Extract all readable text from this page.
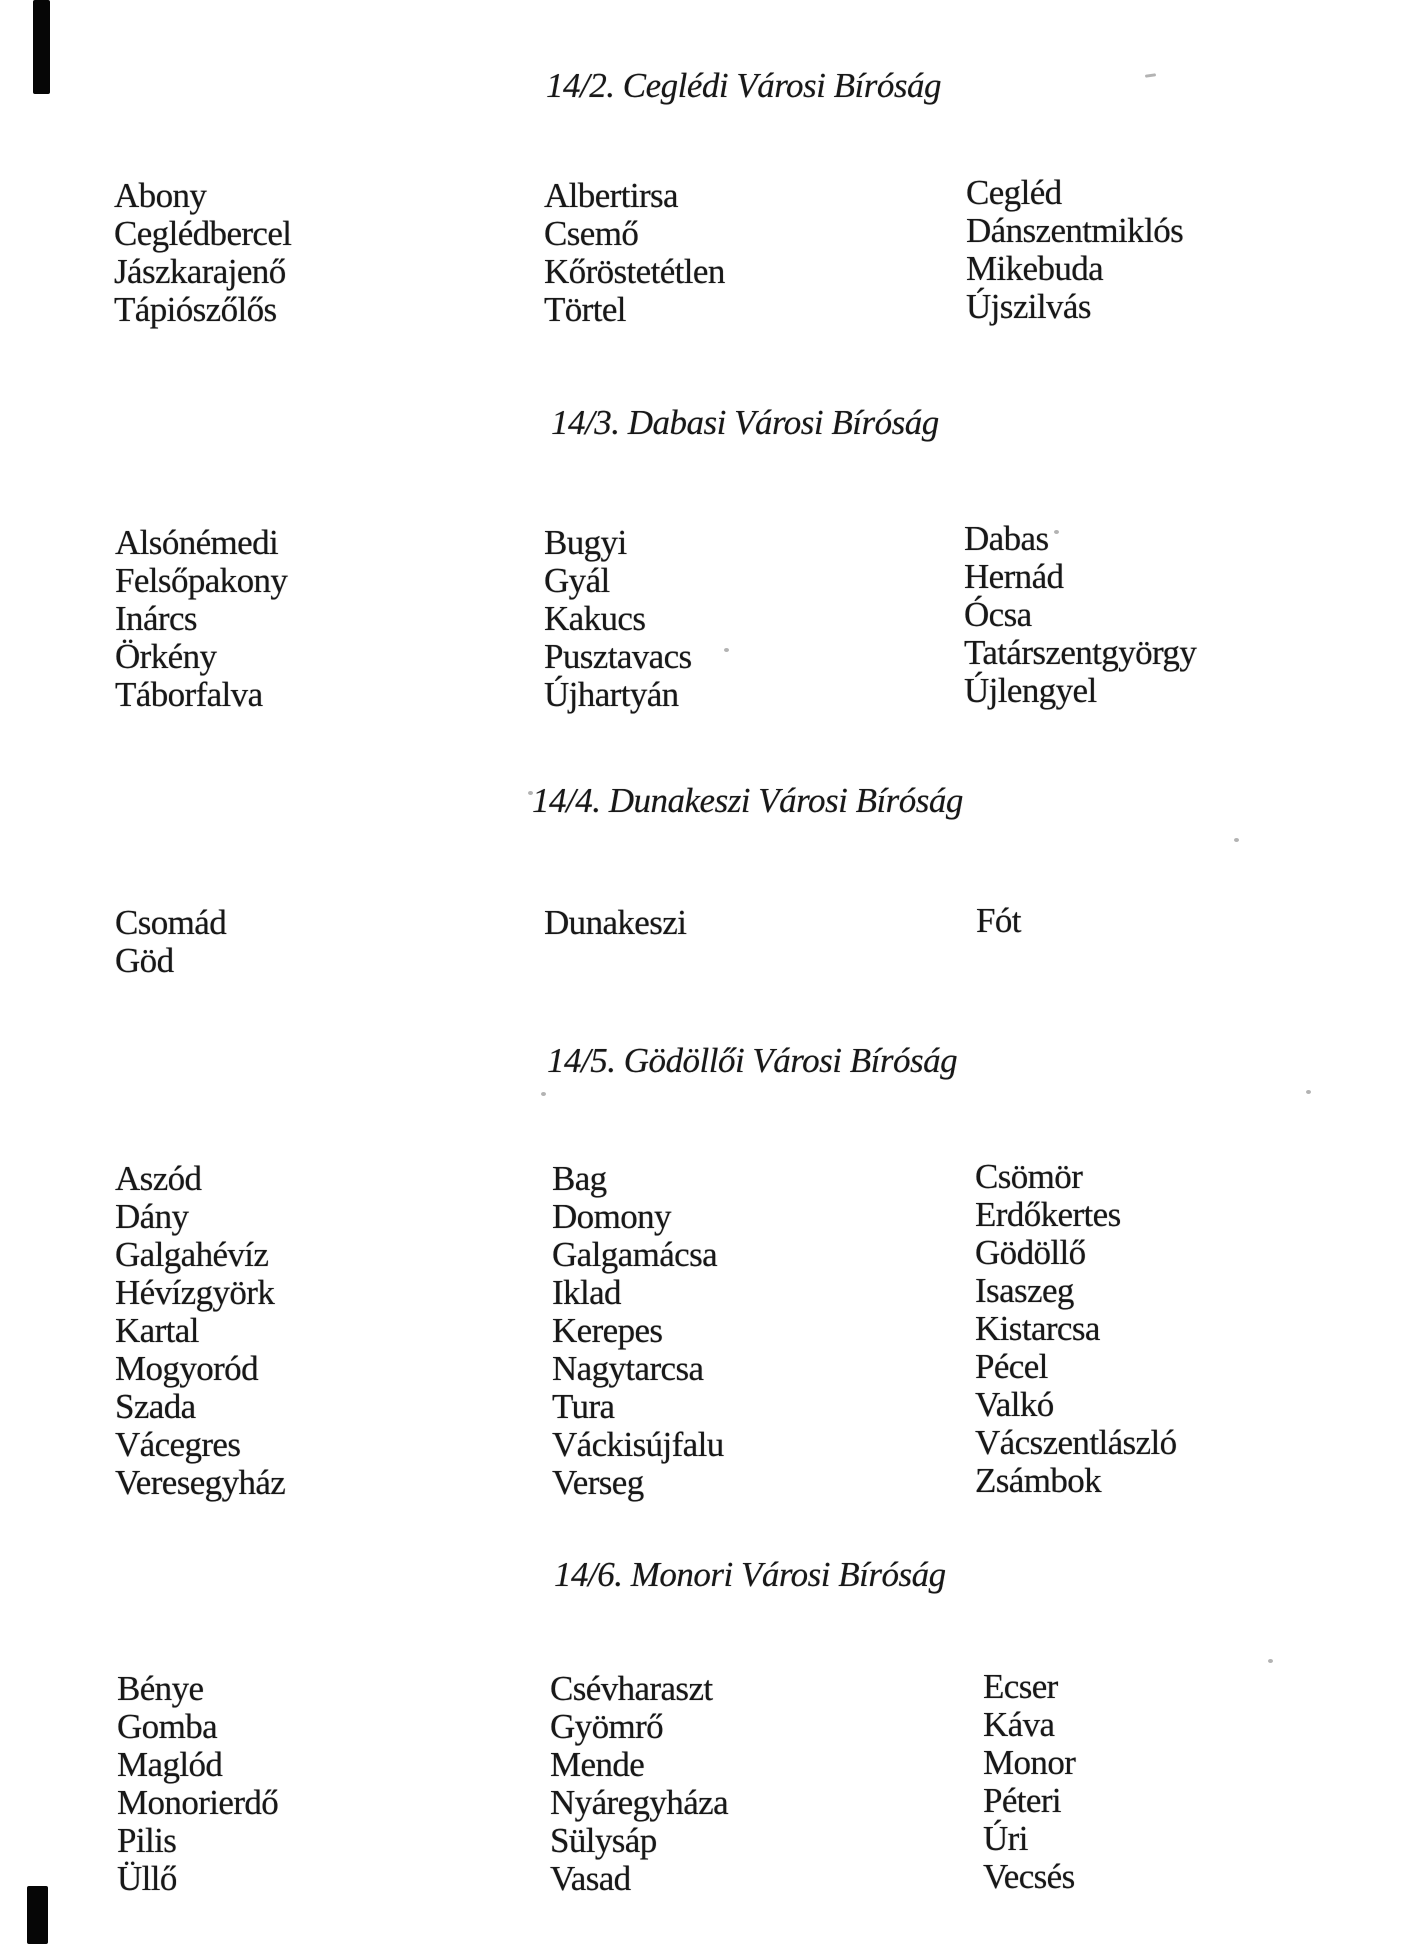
14/2. Ceglédi Városi Bíróság
Abony
Ceglédbercel
Jászkarajenő
Tápiószőlős
Albertirsa
Csemő
Kőröstetétlen
Törtel
Cegléd
Dánszentmiklós
Mikebuda
Újszilvás
14/3. Dabasi Városi Bíróság
Alsónémedi
Felsőpakony
Inárcs
Örkény
Táborfalva
Bugyi
Gyál
Kakucs
Pusztavacs
Újhartyán
Dabas
Hernád
Ócsa
Tatárszentgyörgy
Újlengyel
14/4. Dunakeszi Városi Bíróság
Csomád
Göd
Dunakeszi	Fót
14/5. Gödöllői Városi Bíróság
Aszód
Dány
Galgahévíz
Hévízgyörk
Kartal
Mogyoród
Szada
Vácegres
Veresegyház
Bag
Domony
Galgamácsa
Iklad
Kerepes
Nagytarcsa
Tura
Váckisújfalu
Verseg
Csömör
Erdőkertes
Gödöllő
Isaszeg
Kistarcsa
Pécel
Valkó
Vácszentlászló
Zsámbok
14/6. Monori Városi Bíróság
Bénye
Gomba
Maglód
Monorierdő
Pilis
Üllő
Csévharaszt
Gyömrő
Mende
Nyáregyháza
Sülysáp
Vasad
Ecser
Káva
Monor
Péteri
Úri
Vecsés
